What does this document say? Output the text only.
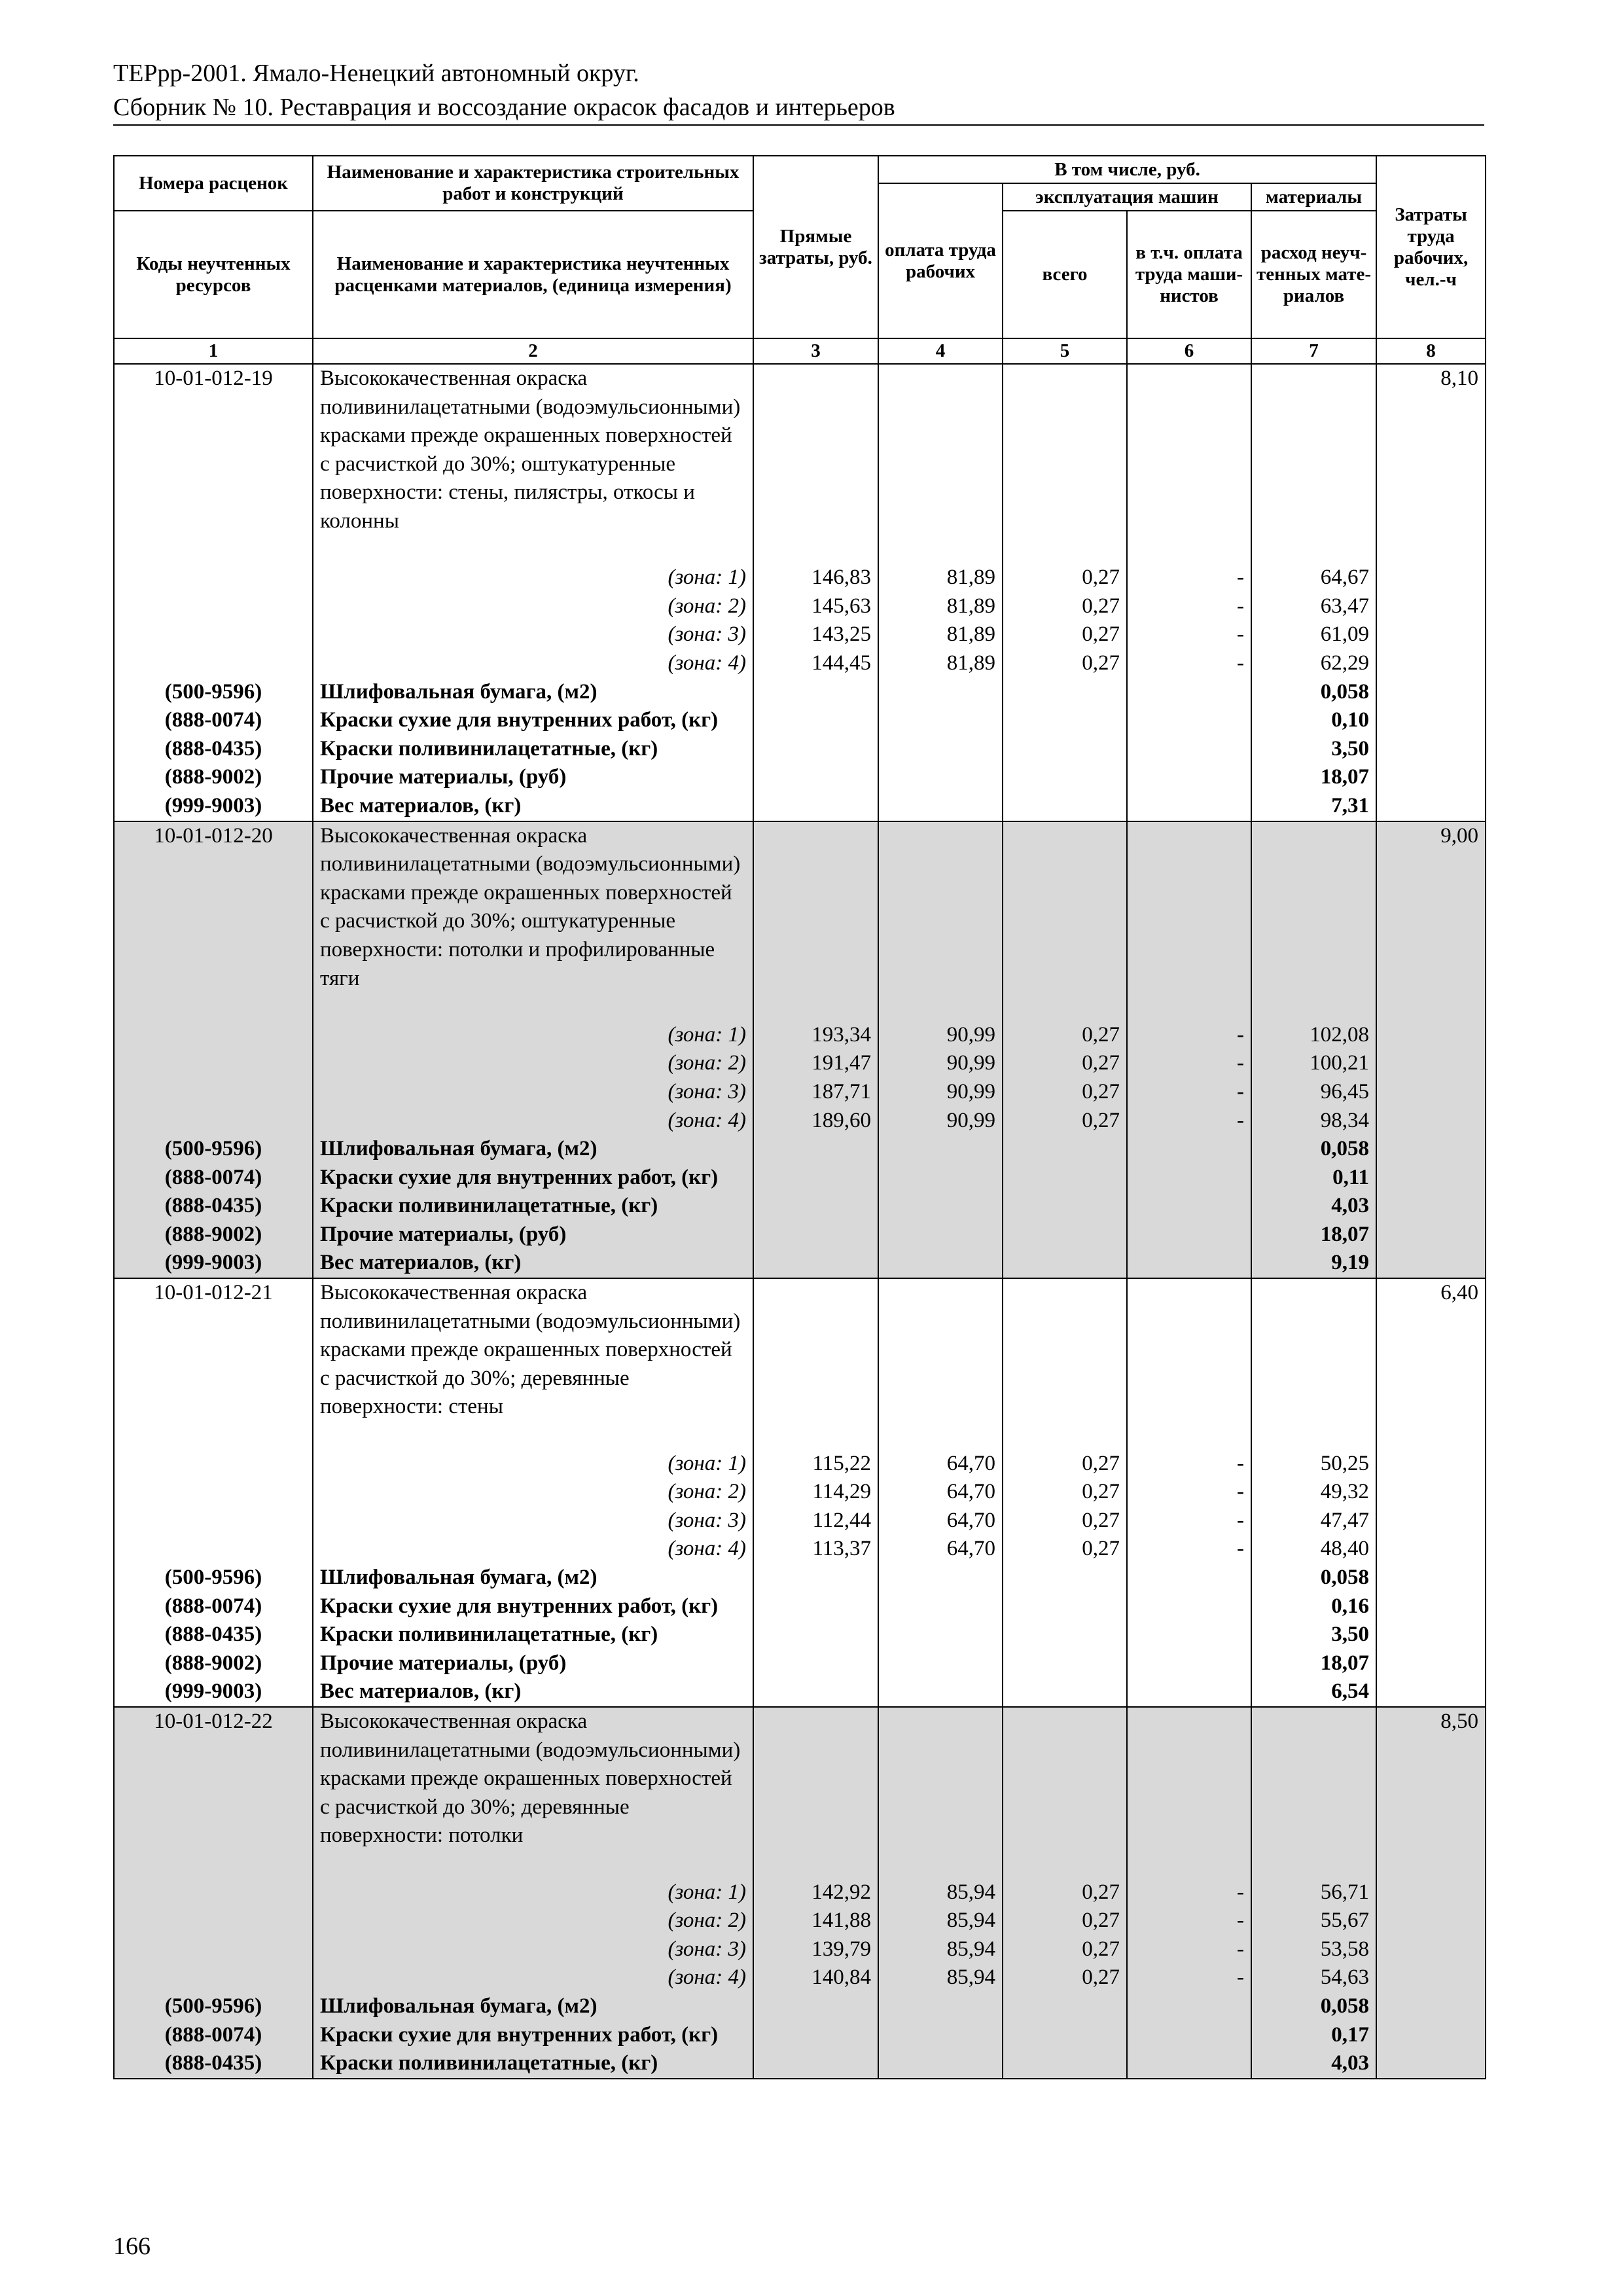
ТЕРрр-2001. Ямало-Ненецкий автономный округ.
Сборник № 10. Реставрация и воссоздание окрасок фасадов и интерьеров
Номера расценок	Наименование и характеристика строительных работ и конструкций	Прямые затраты, руб.	В том числе, руб.				Затраты труда рабочих, чел.-ч
			оплата труда рабочих	эксплуатация машин		материалы	
Коды неучтенных ресурсов	Наименование и характеристика неучтенных расценками материалов, (единица измерения)			всего	в т.ч. оплата труда маши-нистов	расход неуч-тенных мате-риалов	
1	2	3	4	5	6	7	8
10-01-012-19	Высококачественная окраска поливинилацетатными (водоэмульсионными) красками прежде окрашенных поверхностей с расчисткой до 30%; оштукатуренные поверхности: стены, пилястры, откосы и колонны						8,10

	(зона: 1)	146,83	81,89	0,27	-	64,67	

	(зона: 2)	145,63	81,89	0,27	-	63,47	

	(зона: 3)	143,25	81,89	0,27	-	61,09	

	(зона: 4)	144,45	81,89	0,27	-	62,29	
(500-9596)	Шлифовальная бумага, (м2)					0,058	
(888-0074)	Краски сухие для внутренних работ, (кг)					0,10	
(888-0435)	Краски поливинилацетатные, (кг)					3,50	
(888-9002)	Прочие материалы, (руб)					18,07	
(999-9003)	Вес материалов, (кг)					7,31	
10-01-012-20	Высококачественная окраска поливинилацетатными (водоэмульсионными) красками прежде окрашенных поверхностей с расчисткой до 30%; оштукатуренные поверхности: потолки и профилированные тяги						9,00

	(зона: 1)	193,34	90,99	0,27	-	102,08	

	(зона: 2)	191,47	90,99	0,27	-	100,21	

	(зона: 3)	187,71	90,99	0,27	-	96,45	

	(зона: 4)	189,60	90,99	0,27	-	98,34	
(500-9596)	Шлифовальная бумага, (м2)					0,058	
(888-0074)	Краски сухие для внутренних работ, (кг)					0,11	
(888-0435)	Краски поливинилацетатные, (кг)					4,03	
(888-9002)	Прочие материалы, (руб)					18,07	
(999-9003)	Вес материалов, (кг)					9,19	
10-01-012-21	Высококачественная окраска поливинилацетатными (водоэмульсионными) красками прежде окрашенных поверхностей с расчисткой до 30%; деревянные поверхности: стены						6,40

	(зона: 1)	115,22	64,70	0,27	-	50,25	

	(зона: 2)	114,29	64,70	0,27	-	49,32	

	(зона: 3)	112,44	64,70	0,27	-	47,47	

	(зона: 4)	113,37	64,70	0,27	-	48,40	
(500-9596)	Шлифовальная бумага, (м2)					0,058	
(888-0074)	Краски сухие для внутренних работ, (кг)					0,16	
(888-0435)	Краски поливинилацетатные, (кг)					3,50	
(888-9002)	Прочие материалы, (руб)					18,07	
(999-9003)	Вес материалов, (кг)					6,54	
10-01-012-22	Высококачественная окраска поливинилацетатными (водоэмульсионными) красками прежде окрашенных поверхностей с расчисткой до 30%; деревянные поверхности: потолки						8,50

	(зона: 1)	142,92	85,94	0,27	-	56,71	

	(зона: 2)	141,88	85,94	0,27	-	55,67	

	(зона: 3)	139,79	85,94	0,27	-	53,58	

	(зона: 4)	140,84	85,94	0,27	-	54,63	
(500-9596)	Шлифовальная бумага, (м2)					0,058	
(888-0074)	Краски сухие для внутренних работ, (кг)					0,17	
(888-0435)	Краски поливинилацетатные, (кг)					4,03	
166
